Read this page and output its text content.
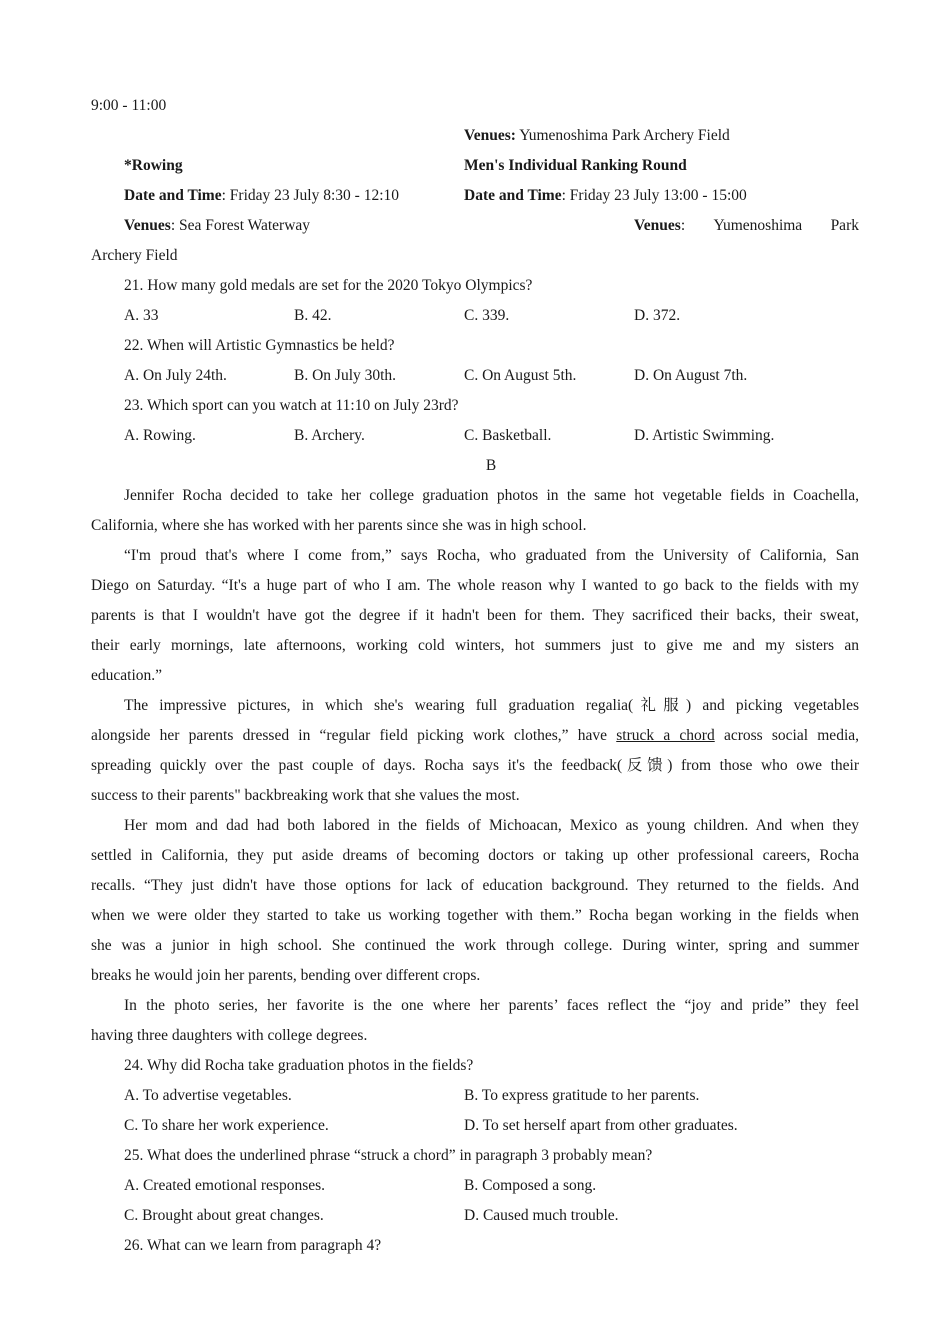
9:00 - 11:00
Venues: Yumenoshima Park Archery Field
*Rowing	Men's Individual Ranking Round
Date and Time: Friday 23 July 8:30 - 12:10	Date and Time: Friday 23 July 13:00 - 15:00
Venues: Sea Forest Waterway	Venues: Yumenoshima Park
Archery Field
21. How many gold medals are set for the 2020 Tokyo Olympics?
A. 33	B. 42.	C. 339.	D. 372.
22. When will Artistic Gymnastics be held?
A. On July 24th.	B. On July 30th.	C. On August 5th.	D. On August 7th.
23. Which sport can you watch at 11:10 on July 23rd?
A. Rowing.	B. Archery.	C. Basketball.	D. Artistic Swimming.
B
Jennifer Rocha decided to take her college graduation photos in the same hot vegetable fields in Coachella,
California, where she has worked with her parents since she was in high school.
“I'm proud that's where I come from,” says Rocha, who graduated from the University of California, San
Diego on Saturday. “It's a huge part of who I am. The whole reason why I wanted to go back to the fields with my
parents is that I wouldn't have got the degree if it hadn't been for them. They sacrificed their backs, their sweat,
their early mornings, late afternoons, working cold winters, hot summers just to give me and my sisters an
education.”
The impressive pictures, in which she's wearing full graduation regalia(礼服) and picking vegetables
alongside her parents dressed in “regular field picking work clothes,” have struck a chord across social media,
spreading quickly over the past couple of days. Rocha says it's the feedback(反馈) from those who owe their
success to their parents" backbreaking work that she values the most.
Her mom and dad had both labored in the fields of Michoacan, Mexico as young children. And when they
settled in California, they put aside dreams of becoming doctors or taking up other professional careers, Rocha
recalls. “They just didn't have those options for lack of education background. They returned to the fields. And
when we were older they started to take us working together with them.” Rocha began working in the fields when
she was a junior in high school. She continued the work through college. During winter, spring and summer
breaks he would join her parents, bending over different crops.
In the photo series, her favorite is the one where her parents’ faces reflect the “joy and pride” they feel
having three daughters with college degrees.
24. Why did Rocha take graduation photos in the fields?
A. To advertise vegetables.	B. To express gratitude to her parents.
C. To share her work experience.	D. To set herself apart from other graduates.
25. What does the underlined phrase “struck a chord” in paragraph 3 probably mean?
A. Created emotional responses.	B. Composed a song.
C. Brought about great changes.	D. Caused much trouble.
26. What can we learn from paragraph 4?
